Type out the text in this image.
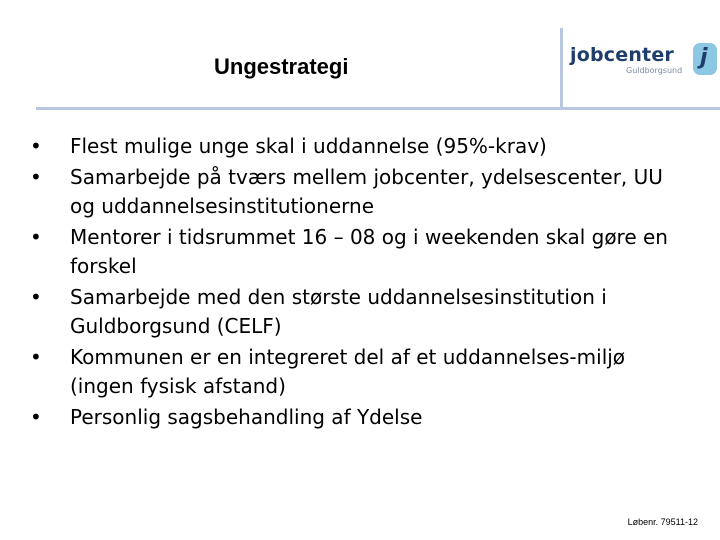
Ungestrategi	jobcenter
Guldborgsund
j
•	Flest mulige unge skal i uddannelse (95%-krav)
•	Samarbejde på tværs mellem jobcenter, ydelsescenter, UU og uddannelsesinstitutionerne
•	Mentorer i tidsrummet 16 – 08 og i weekenden skal gøre en forskel
•	Samarbejde med den største uddannelsesinstitution i Guldborgsund (CELF)
•	Kommunen er en integreret del af et uddannelses-miljø (ingen fysisk afstand)
•	Personlig sagsbehandling af Ydelse
Løbenr. 79511-12
